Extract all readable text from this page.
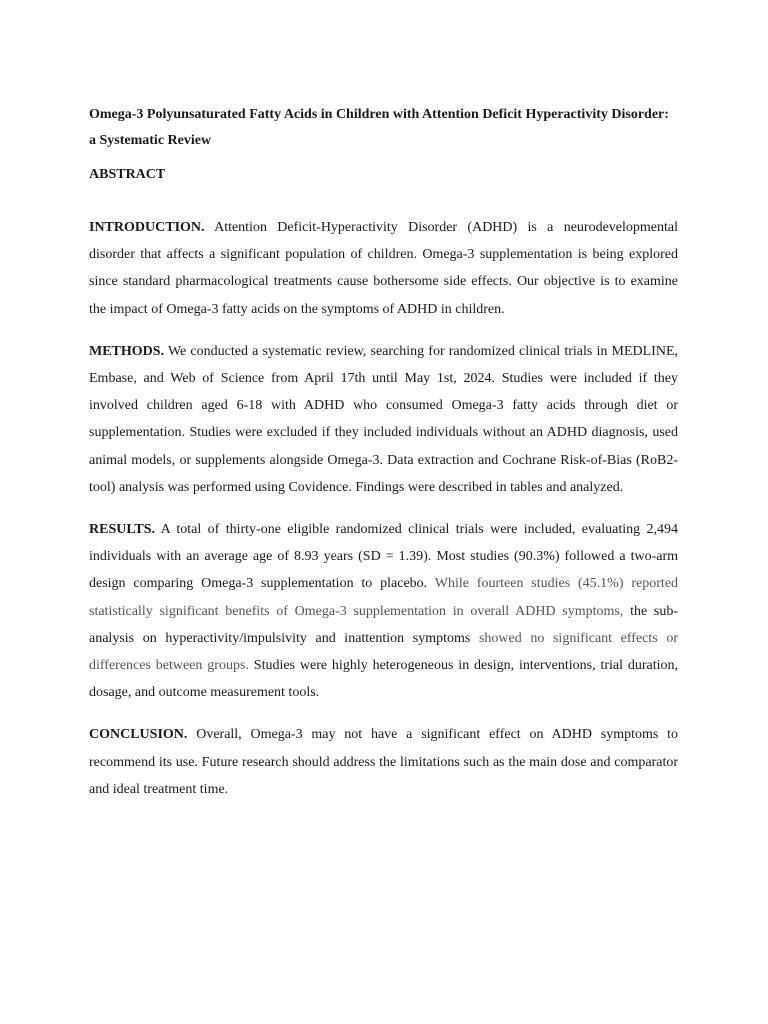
Omega-3 Polyunsaturated Fatty Acids in Children with Attention Deficit Hyperactivity Disorder: a Systematic Review

ABSTRACT

INTRODUCTION. Attention Deficit-Hyperactivity Disorder (ADHD) is a neurodevelopmental disorder that affects a significant population of children. Omega-3 supplementation is being explored since standard pharmacological treatments cause bothersome side effects. Our objective is to examine the impact of Omega-3 fatty acids on the symptoms of ADHD in children.

METHODS. We conducted a systematic review, searching for randomized clinical trials in MEDLINE, Embase, and Web of Science from April 17th until May 1st, 2024. Studies were included if they involved children aged 6-18 with ADHD who consumed Omega-3 fatty acids through diet or supplementation. Studies were excluded if they included individuals without an ADHD diagnosis, used animal models, or supplements alongside Omega-3. Data extraction and Cochrane Risk-of-Bias (RoB2-tool) analysis was performed using Covidence. Findings were described in tables and analyzed.

RESULTS. A total of thirty-one eligible randomized clinical trials were included, evaluating 2,494 individuals with an average age of 8.93 years (SD = 1.39). Most studies (90.3%) followed a two-arm design comparing Omega-3 supplementation to placebo. While fourteen studies (45.1%) reported statistically significant benefits of Omega-3 supplementation in overall ADHD symptoms, the sub-analysis on hyperactivity/impulsivity and inattention symptoms showed no significant effects or differences between groups. Studies were highly heterogeneous in design, interventions, trial duration, dosage, and outcome measurement tools.

CONCLUSION. Overall, Omega-3 may not have a significant effect on ADHD symptoms to recommend its use. Future research should address the limitations such as the main dose and comparator and ideal treatment time.
